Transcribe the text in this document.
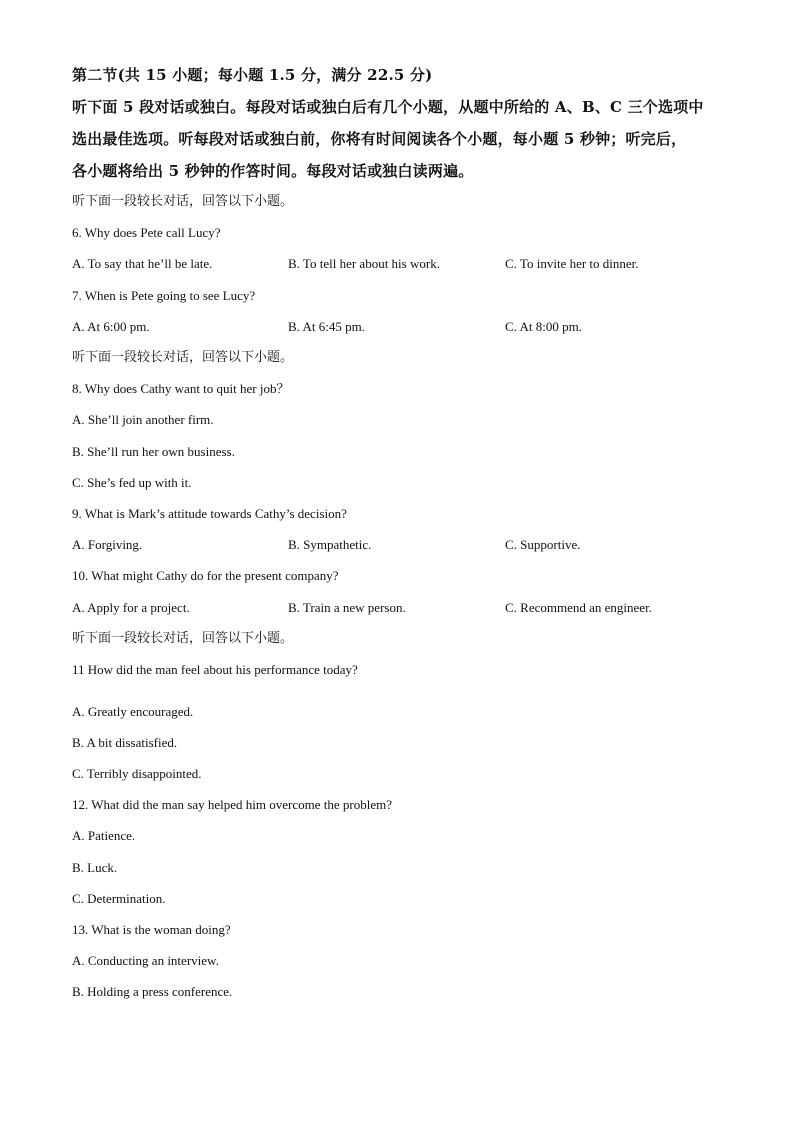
第二节(共 15 小题；每小题 1.5 分，满分 22.5 分)
听下面 5 段对话或独白。每段对话或独白后有几个小题，从题中所给的 A、B、C 三个选项中
选出最佳选项。听每段对话或独白前，你将有时间阅读各个小题，每小题 5 秒钟；听完后，
各小题将给出 5 秒钟的作答时间。每段对话或独白读两遍。
听下面一段较长对话，回答以下小题。
6. Why does Pete call Lucy?
A. To say that he’ll be late.	B. To tell her about his work.	C. To invite her to dinner.
7. When is Pete going to see Lucy?
A. At 6:00 pm.	B. At 6:45 pm.	C. At 8:00 pm.
听下面一段较长对话，回答以下小题。
8. Why does Cathy want to quit her job？
A. She’ll join another firm.
B. She’ll run her own business.
C. She’s fed up with it.
9. What is Mark’s attitude towards Cathy’s decision?
A. Forgiving.	B. Sympathetic.	C. Supportive.
10. What might Cathy do for the present company?
A. Apply for a project.	B. Train a new person.	C. Recommend an engineer.
听下面一段较长对话，回答以下小题。
11 How did the man feel about his performance today?
A. Greatly encouraged.
B. A bit dissatisfied.
C. Terribly disappointed.
12. What did the man say helped him overcome the problem?
A. Patience.
B. Luck.
C. Determination.
13. What is the woman doing?
A. Conducting an interview.
B. Holding a press conference.
